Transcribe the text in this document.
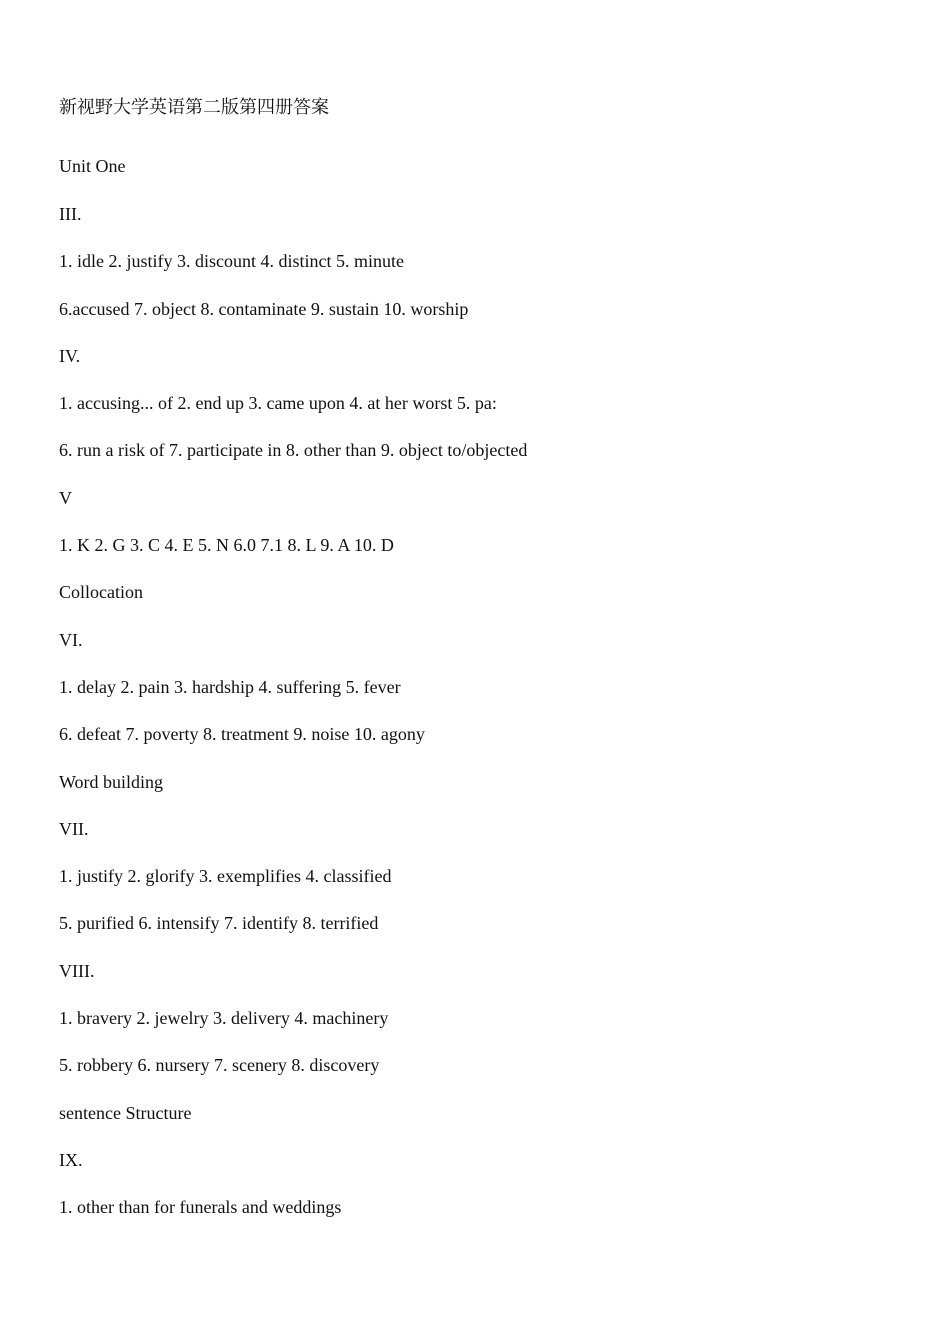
新视野大学英语第二版第四册答案
Unit One
III.
1. idle 2. justify 3. discount 4. distinct 5. minute
6.accused 7. object 8. contaminate 9. sustain 10. worship
IV.
1. accusing... of 2. end up 3. came upon 4. at her worst 5. pa:
6. run a risk of 7. participate in 8. other than 9. object to/objected
V
1. K 2. G 3. C 4. E 5. N 6.0 7.1 8. L 9. A 10. D
Collocation
VI.
1. delay 2. pain 3. hardship 4. suffering 5. fever
6. defeat 7. poverty 8. treatment 9. noise 10. agony
Word building
VII.
1. justify 2. glorify 3. exemplifies 4. classified
5. purified 6. intensify 7. identify 8. terrified
VIII.
1. bravery 2. jewelry 3. delivery 4. machinery
5. robbery 6. nursery 7. scenery 8. discovery
sentence Structure
IX.
1. other than for funerals and weddings
